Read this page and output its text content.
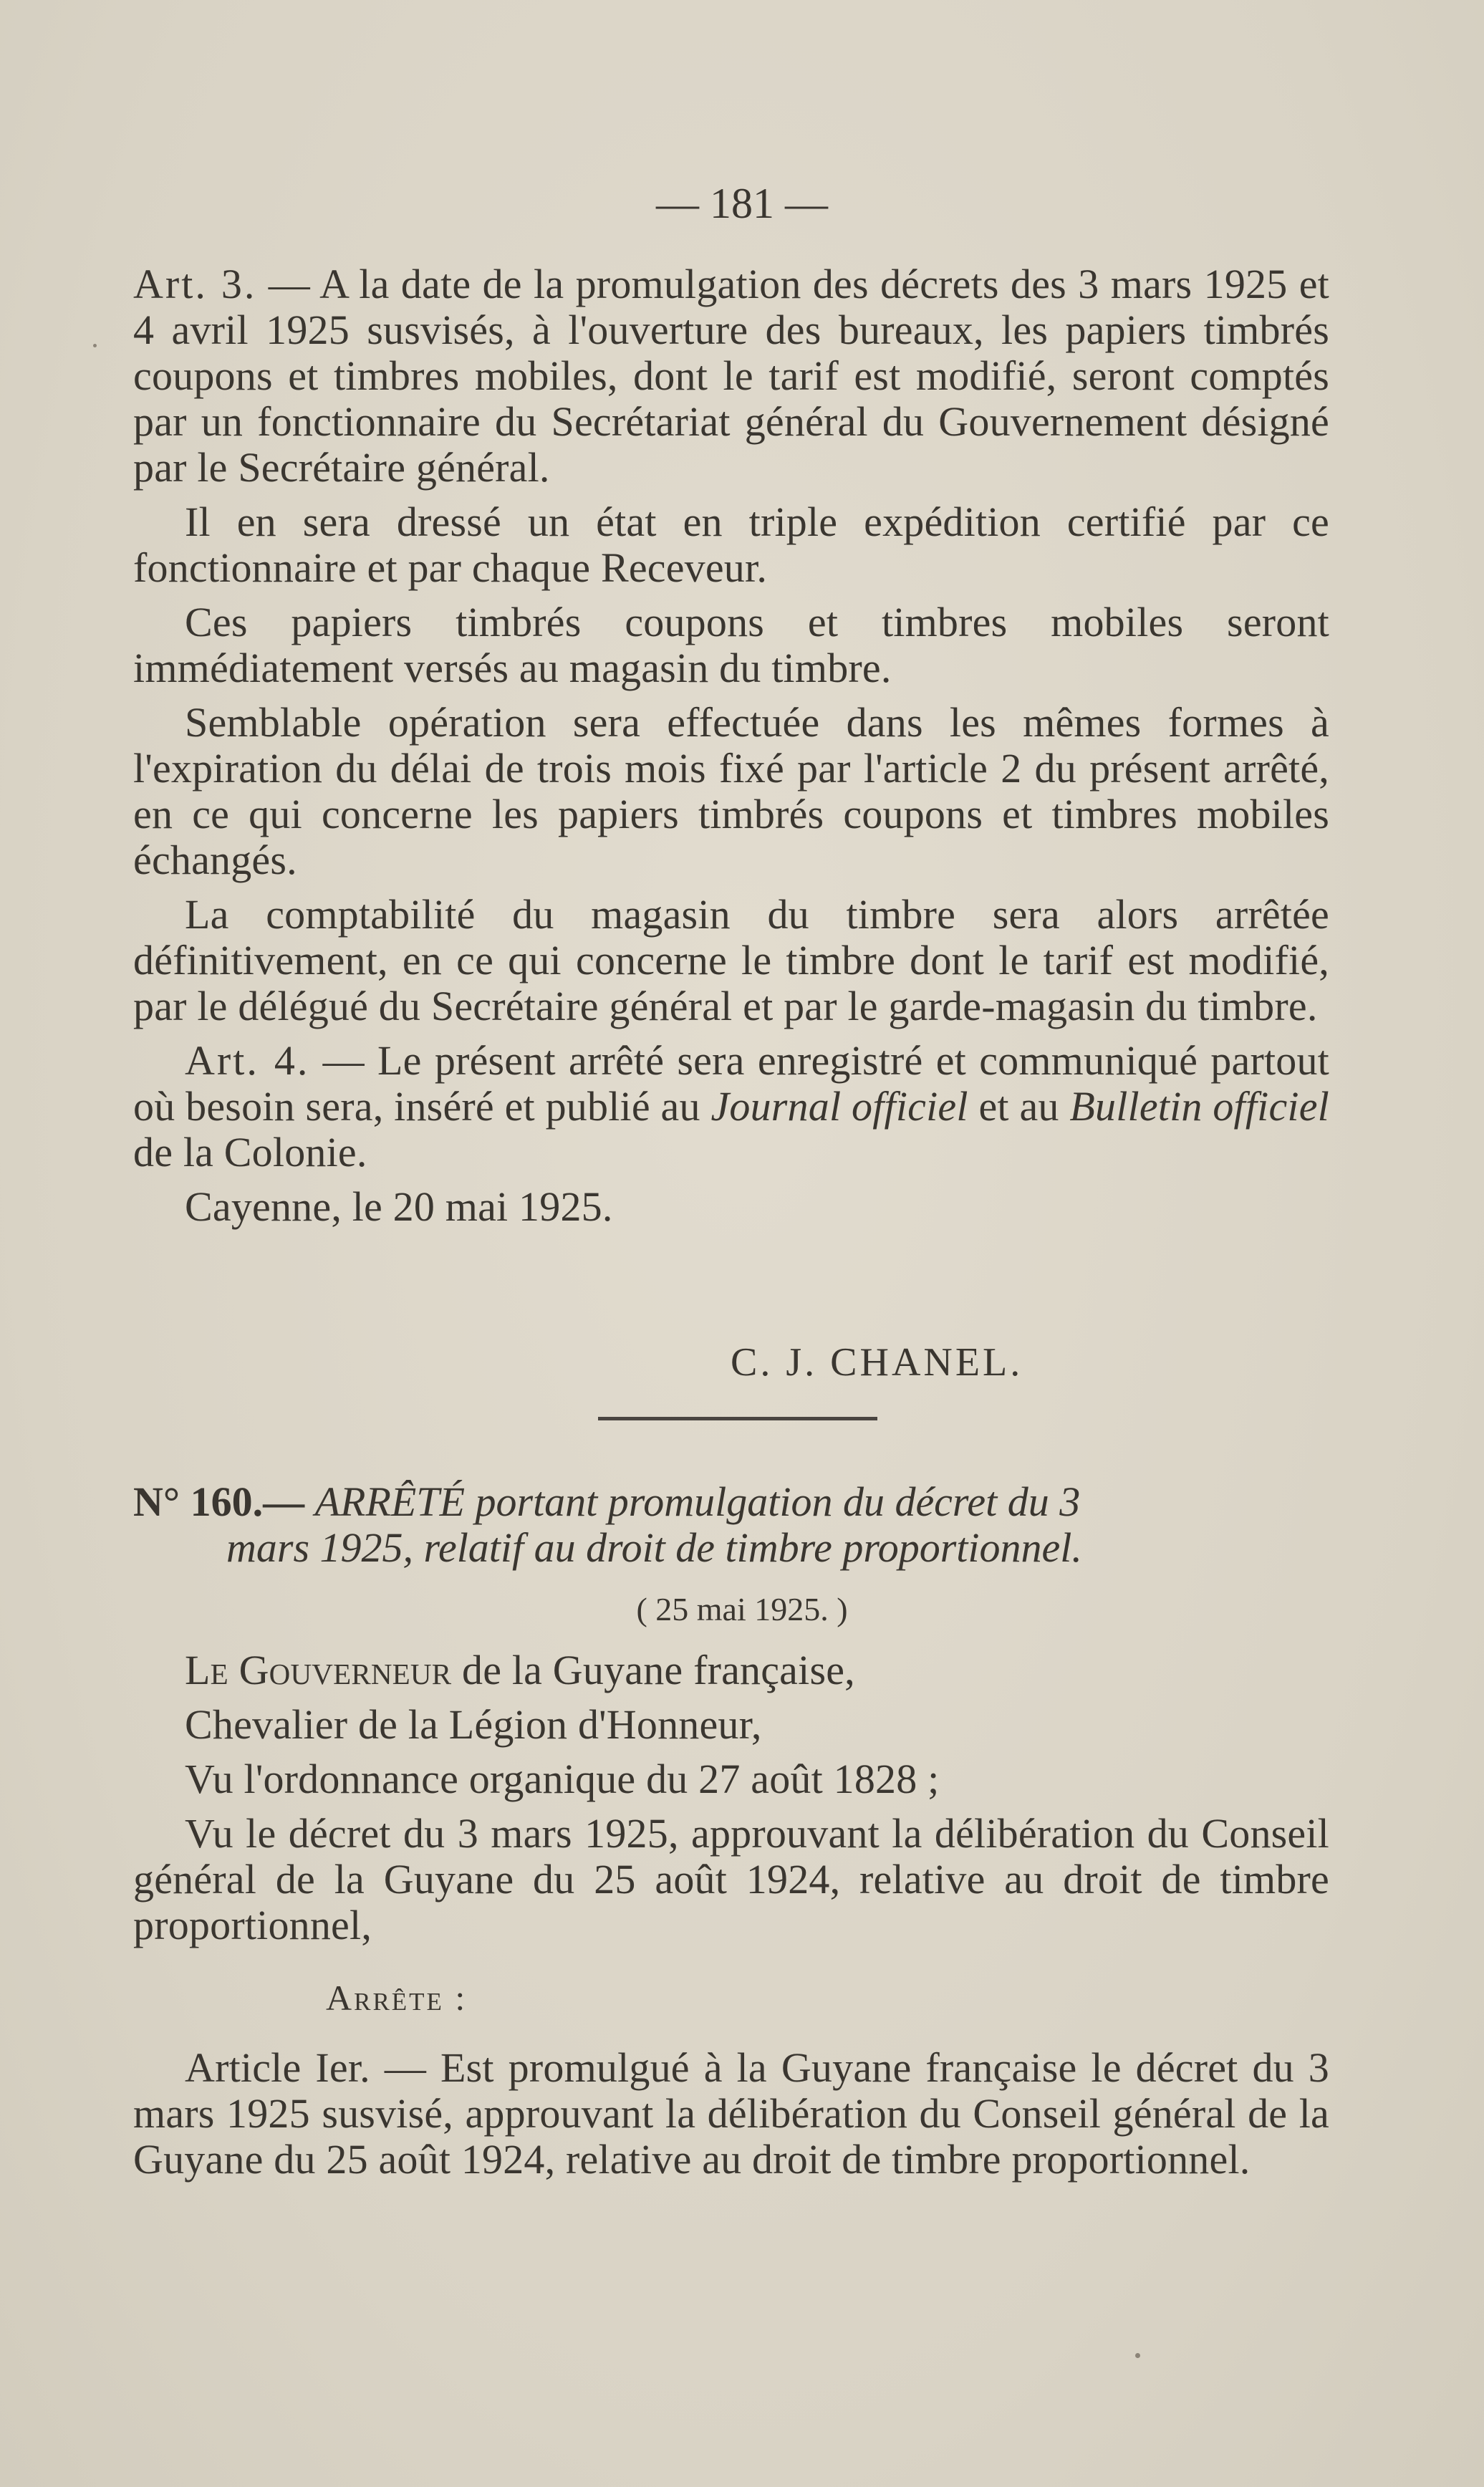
— 181 —

Art. 3. — A la date de la promulgation des décrets des 3 mars 1925 et 4 avril 1925 susvisés, à l'ouverture des bureaux, les papiers timbrés coupons et timbres mobiles, dont le tarif est modifié, seront comptés par un fonctionnaire du Secrétariat général du Gouvernement désigné par le Secrétaire général.

Il en sera dressé un état en triple expédition certifié par ce fonctionnaire et par chaque Receveur.

Ces papiers timbrés coupons et timbres mobiles seront immédiatement versés au magasin du timbre.

Semblable opération sera effectuée dans les mêmes formes à l'expiration du délai de trois mois fixé par l'article 2 du présent arrêté, en ce qui concerne les papiers timbrés coupons et timbres mobiles échangés.

La comptabilité du magasin du timbre sera alors arrêtée définitivement, en ce qui concerne le timbre dont le tarif est modifié, par le délégué du Secrétaire général et par le garde-magasin du timbre.

Art. 4. — Le présent arrêté sera enregistré et communiqué partout où besoin sera, inséré et publié au Journal officiel et au Bulletin officiel de la Colonie.

Cayenne, le 20 mai 1925.

C. J. CHANEL.
N° 160.— ARRÊTÉ portant promulgation du décret du 3
mars 1925, relatif au droit de timbre proportionnel.
( 25 mai 1925. )

Le Gouverneur de la Guyane française,

Chevalier de la Légion d'Honneur,

Vu l'ordonnance organique du 27 août 1828 ;

Vu le décret du 3 mars 1925, approuvant la délibération du Conseil général de la Guyane du 25 août 1924, relative au droit de timbre proportionnel,

Arrête :

Article Ier. — Est promulgué à la Guyane française le décret du 3 mars 1925 susvisé, approuvant la délibération du Conseil général de la Guyane du 25 août 1924, relative au droit de timbre proportionnel.
